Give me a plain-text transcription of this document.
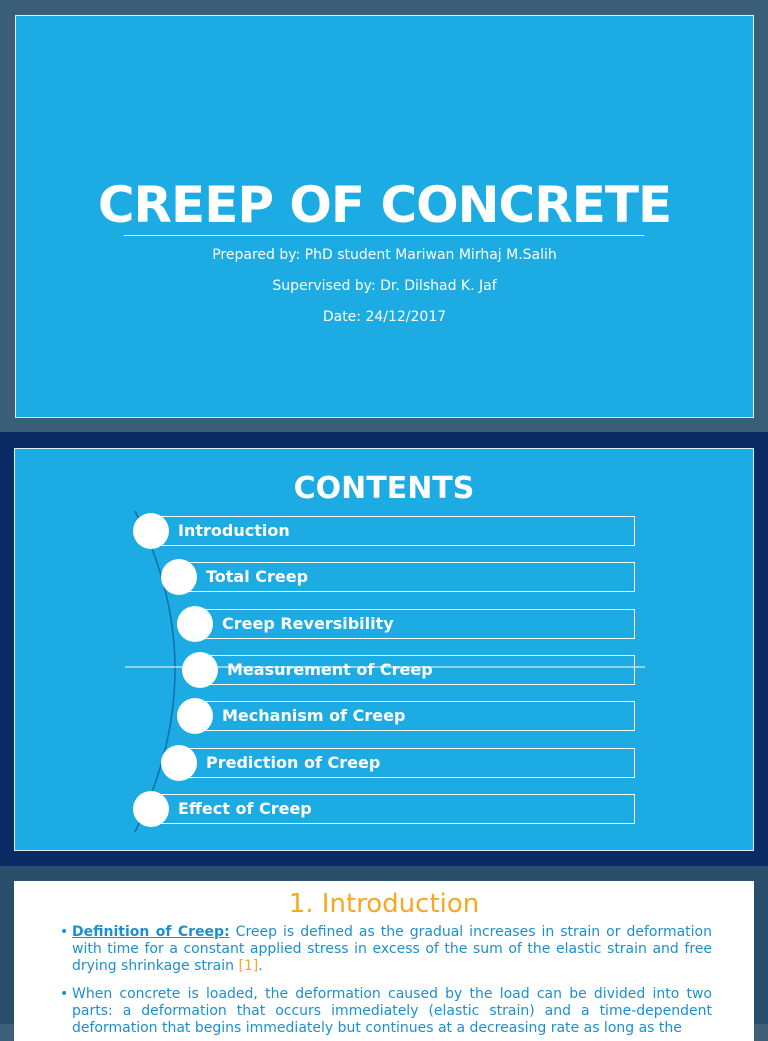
CREEP OF CONCRETE
Prepared by: PhD student Mariwan Mirhaj M.Salih
Supervised by: Dr. Dilshad K. Jaf
Date: 24/12/2017
CONTENTS
Introduction
Total Creep
Creep Reversibility
Measurement of Creep
Mechanism of Creep
Prediction of Creep
Effect of Creep
1. Introduction
• Definition of Creep: Creep is defined as the gradual increases in strain or deformation with time for a constant applied stress in excess of the sum of the elastic strain and free drying shrinkage strain [1].
• When concrete is loaded, the deformation caused by the load can be divided into two parts: a deformation that occurs immediately (elastic strain) and a time-dependent deformation that begins immediately but continues at a decreasing rate as long as the
